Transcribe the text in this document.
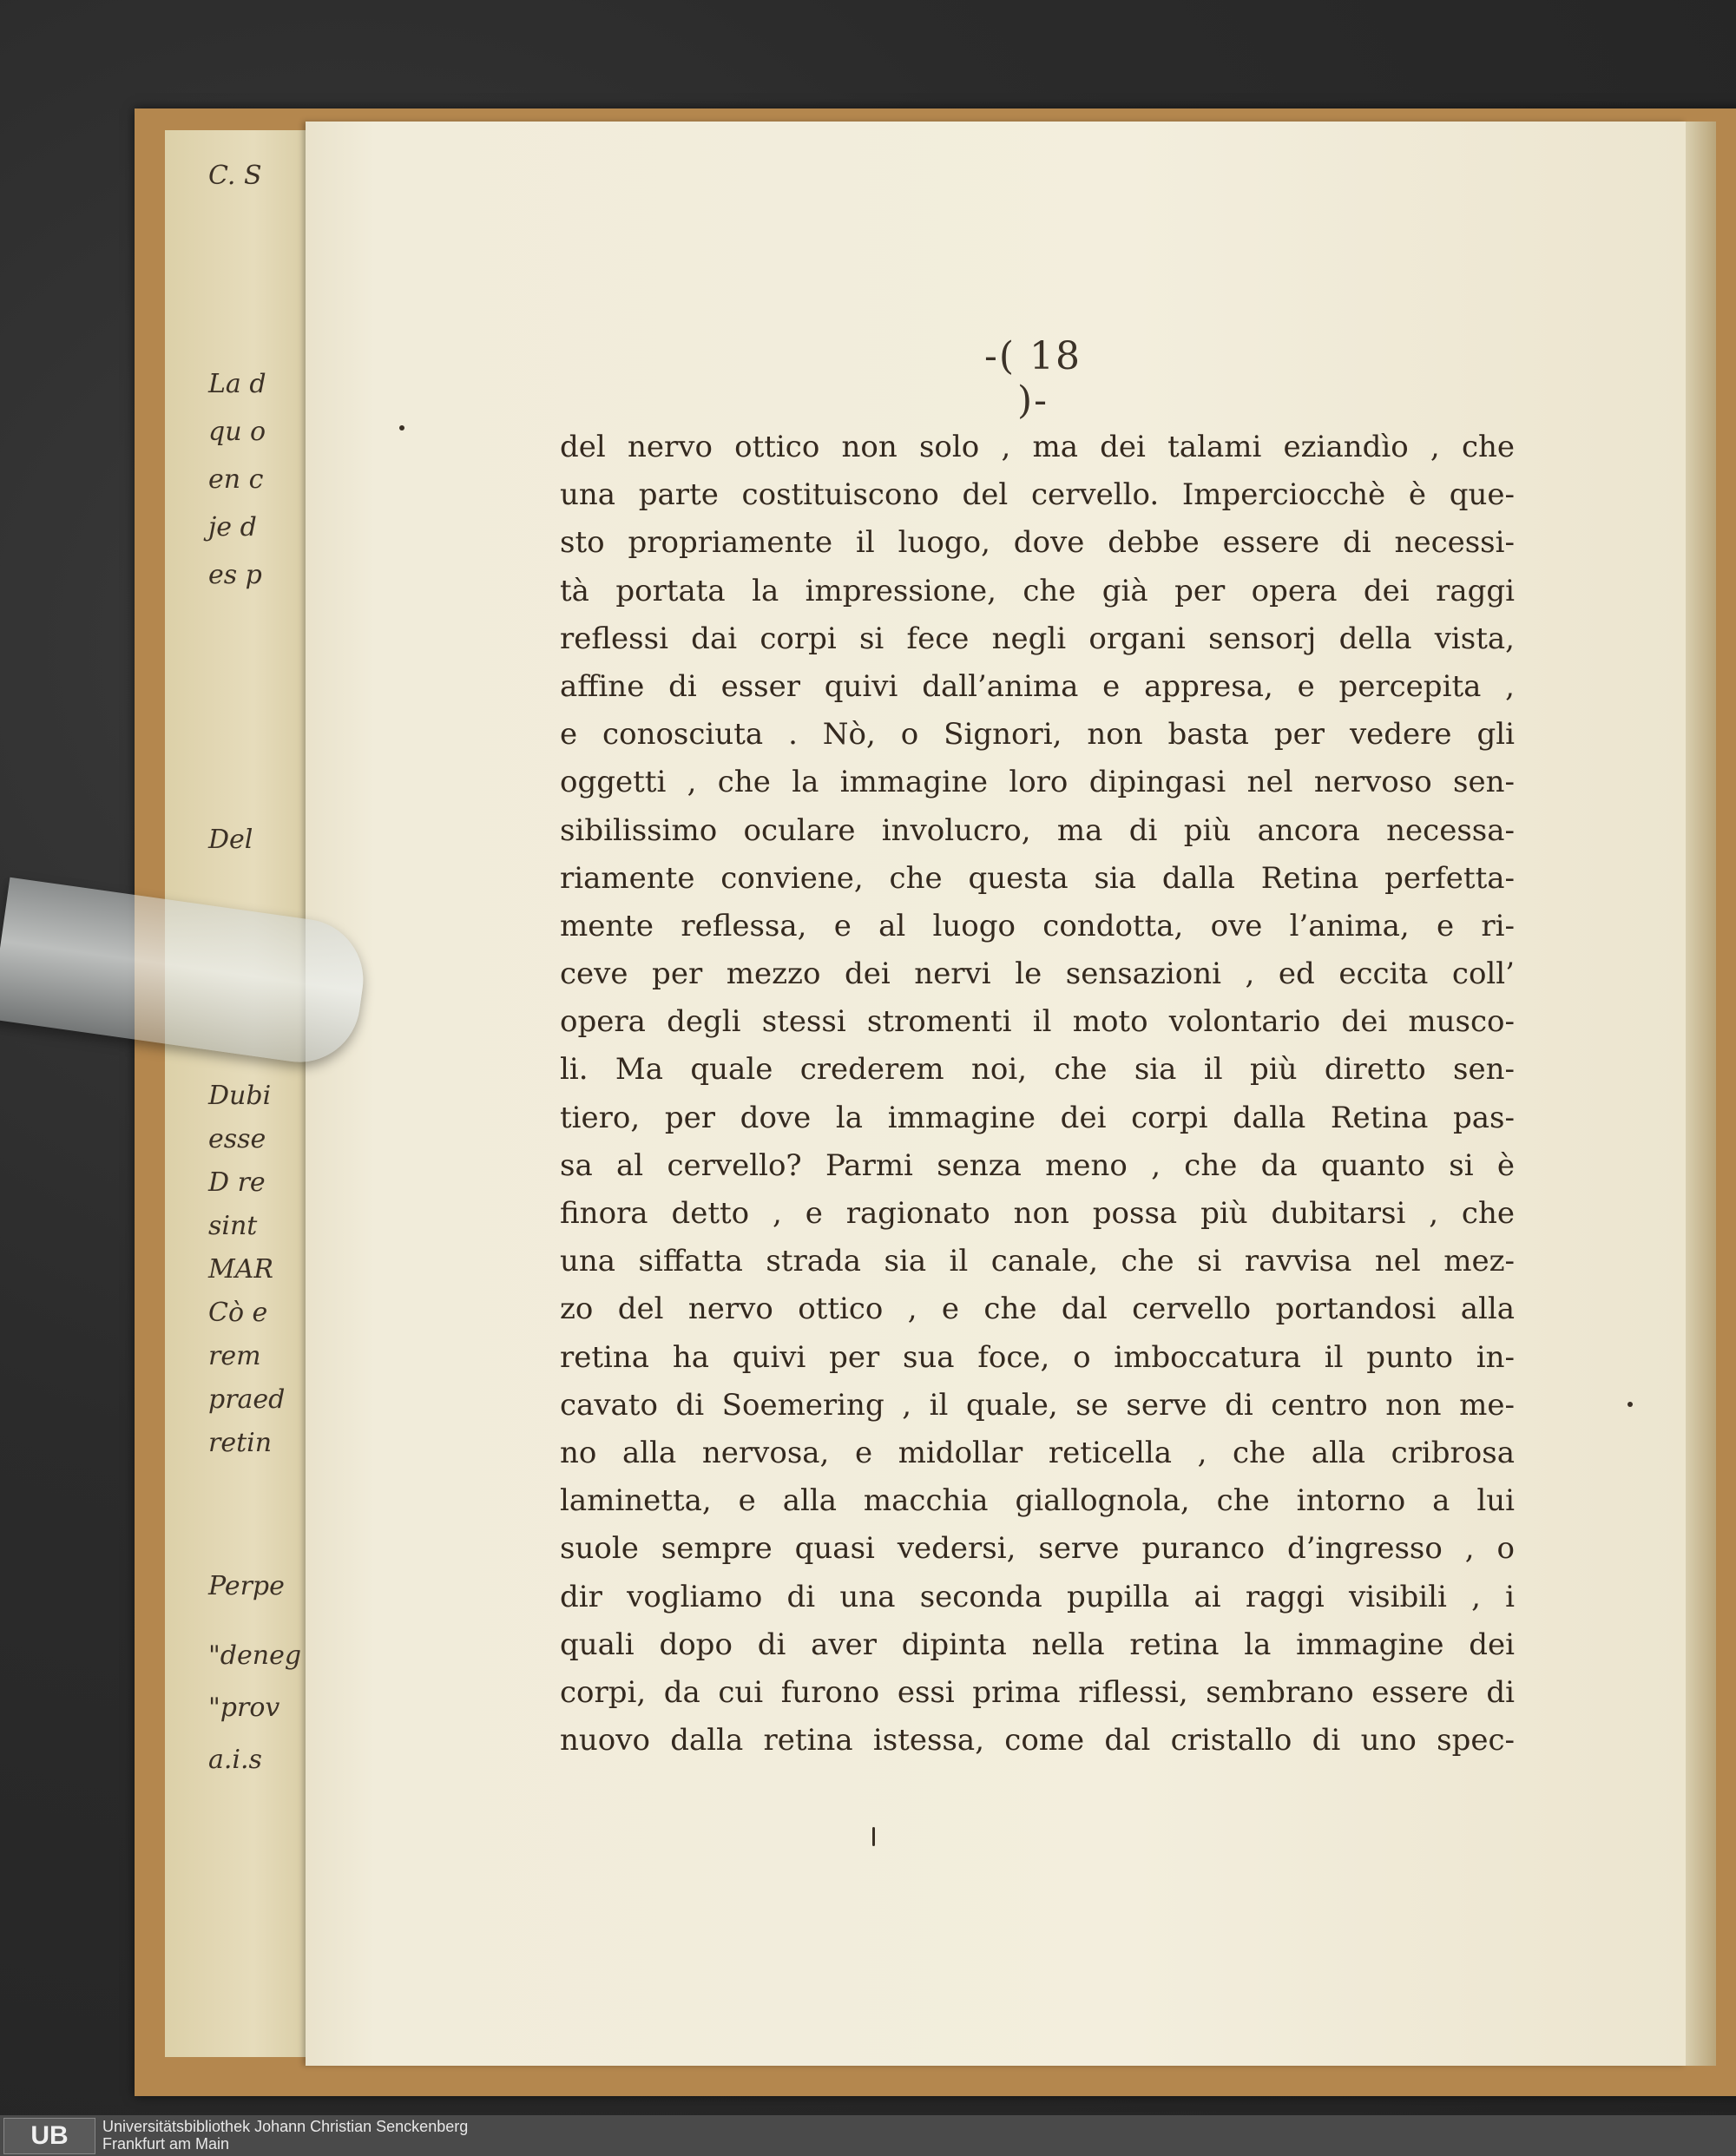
C. S
La d
qu o
en c
je d
es p
Del
Dubi
esse
D re
sint
MAR
Cò e
rem
praed
retin
Perpe
"deneg
"prov
a.i.s
-( 18 )-
del nervo ottico non solo , ma dei talami eziandìo , che
una parte costituiscono del cervello. Imperciocchè è que-
sto propriamente il luogo, dove debbe essere di necessi-
tà portata la impressione, che già per opera dei raggi
reflessi dai corpi si fece negli organi sensorj della vista,
affine di esser quivi dall’anima e appresa, e percepita ,
e conosciuta . Nò, o Signori, non basta per vedere gli
oggetti , che la immagine loro dipingasi nel nervoso sen-
sibilissimo oculare involucro, ma di più ancora necessa-
riamente conviene, che questa sia dalla Retina perfetta-
mente reflessa, e al luogo condotta, ove l’anima, e ri-
ceve per mezzo dei nervi le sensazioni , ed eccita coll’
opera degli stessi stromenti il moto volontario dei musco-
li. Ma quale crederem noi, che sia il più diretto sen-
tiero, per dove la immagine dei corpi dalla Retina pas-
sa al cervello? Parmi senza meno , che da quanto si è
finora detto , e ragionato non possa più dubitarsi , che
una siffatta strada sia il canale, che si ravvisa nel mez-
zo del nervo ottico , e che dal cervello portandosi alla
retina ha quivi per sua foce, o imboccatura il punto in-
cavato di Soemering , il quale, se serve di centro non me-
no alla nervosa, e midollar reticella , che alla cribrosa
laminetta, e alla macchia giallognola, che intorno a lui
suole sempre quasi vedersi, serve puranco d’ingresso , o
dir vogliamo di una seconda pupilla ai raggi visibili , i
quali dopo di aver dipinta nella retina la immagine dei
corpi, da cui furono essi prima riflessi, sembrano essere di
nuovo dalla retina istessa, come dal cristallo di uno spec-
UB	Universitätsbibliothek Johann Christian Senckenberg
Frankfurt am Main
